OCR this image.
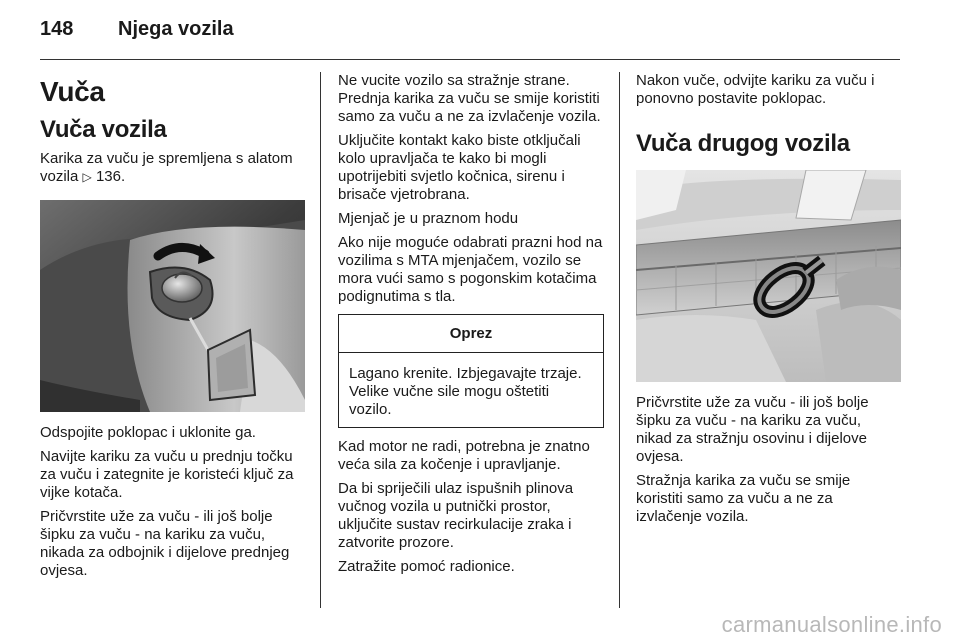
148	Njega vozila
Vuča
Vuča vozila

Karika za vuču je spremljena s alatom vozila ▷ 136.

Odspojite poklopac i uklonite ga.

Navijte kariku za vuču u prednju točku za vuču i zategnite je koristeći ključ za vijke kotača.

Pričvrstite uže za vuču - ili još bolje šipku za vuču - na kariku za vuču, nikada za odbojnik i dijelove prednjeg ovjesa.

Ne vucite vozilo sa stražnje strane. Prednja karika za vuču se smije koristiti samo za vuču a ne za izvlačenje vozila.

Uključite kontakt kako biste otključali kolo upravljača te kako bi mogli upotrijebiti svjetlo kočnica, sirenu i brisače vjetrobrana.

Mjenjač je u praznom hodu

Ako nije moguće odabrati prazni hod na vozilima s MTA mjenjačem, vozilo se mora vući samo s pogonskim kotačima podignutima s tla.

Oprez

Lagano krenite. Izbjegavajte trzaje. Velike vučne sile mogu oštetiti vozilo.

Kad motor ne radi, potrebna je znatno veća sila za kočenje i upravljanje.

Da bi spriječili ulaz ispušnih plinova vučnog vozila u putnički prostor, uključite sustav recirkulacije zraka i zatvorite prozore.

Zatražite pomoć radionice.

Nakon vuče, odvijte kariku za vuču i ponovno postavite poklopac.

Vuča drugog vozila

Pričvrstite uže za vuču - ili još bolje šipku za vuču - na kariku za vuču, nikad za stražnju osovinu i dijelove ovjesa.

Stražnja karika za vuču se smije koristiti samo za vuču a ne za izvlačenje vozila.

carmanualsonline.info
